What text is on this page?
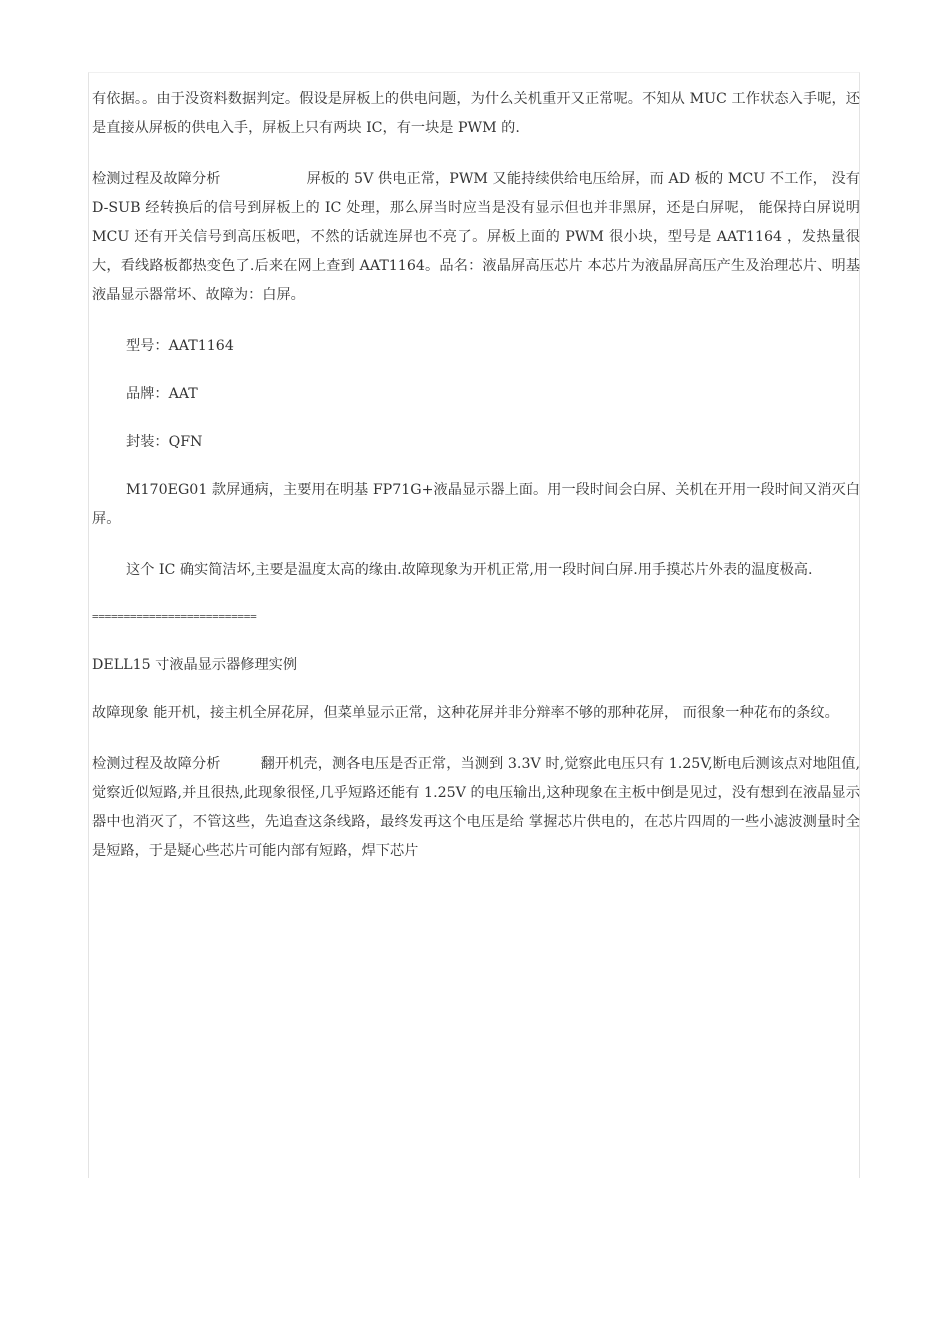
有依据。。由于没资料数据判定。假设是屏板上的供电问题，为什么关机重开又正常呢。不知从 MUC 工作状态入手呢，还是直接从屏板的供电入手，屏板上只有两块 IC，有一块是 PWM 的.

检测过程及故障分析	屏板的 5V 供电正常，PWM 又能持续供给电压给屏，而 AD 板的 MCU 不工作， 没有 D-SUB 经转换后的信号到屏板上的 IC 处理，那么屏当时应当是没有显示但也并非黑屏，还是白屏呢， 能保持白屏说明 MCU 还有开关信号到高压板吧，不然的话就连屏也不亮了。屏板上面的 PWM 很小块，型号是 AAT1164 ，发热量很大，看线路板都热变色了.后来在网上查到 AAT1164。品名：液晶屏高压芯片 本芯片为液晶屏高压产生及治理芯片、明基液晶显示器常坏、故障为：白屏。

型号：AAT1164

品牌：AAT

封装：QFN

M170EG01 款屏通病，主要用在明基 FP71G+液晶显示器上面。用一段时间会白屏、关机在开用一段时间又消灭白屏。

这个 IC 确实简洁坏,主要是温度太高的缘由.故障现象为开机正常,用一段时间白屏.用手摸芯片外表的温度极高.

==========================

DELL15 寸液晶显示器修理实例

故障现象 能开机，接主机全屏花屏，但菜单显示正常，这种花屏并非分辩率不够的那种花屏， 而很象一种花布的条纹。

检测过程及故障分析	翻开机壳，测各电压是否正常，当测到 3.3V 时,觉察此电压只有 1.25V,断电后测该点对地阻值,觉察近似短路,并且很热,此现象很怪,几乎短路还能有 1.25V 的电压输出,这种现象在主板中倒是见过，没有想到在液晶显示器中也消灭了，不管这些，先追查这条线路，最终发再这个电压是给 掌握芯片供电的，在芯片四周的一些小滤波测量时全是短路，于是疑心些芯片可能内部有短路，焊下芯片
